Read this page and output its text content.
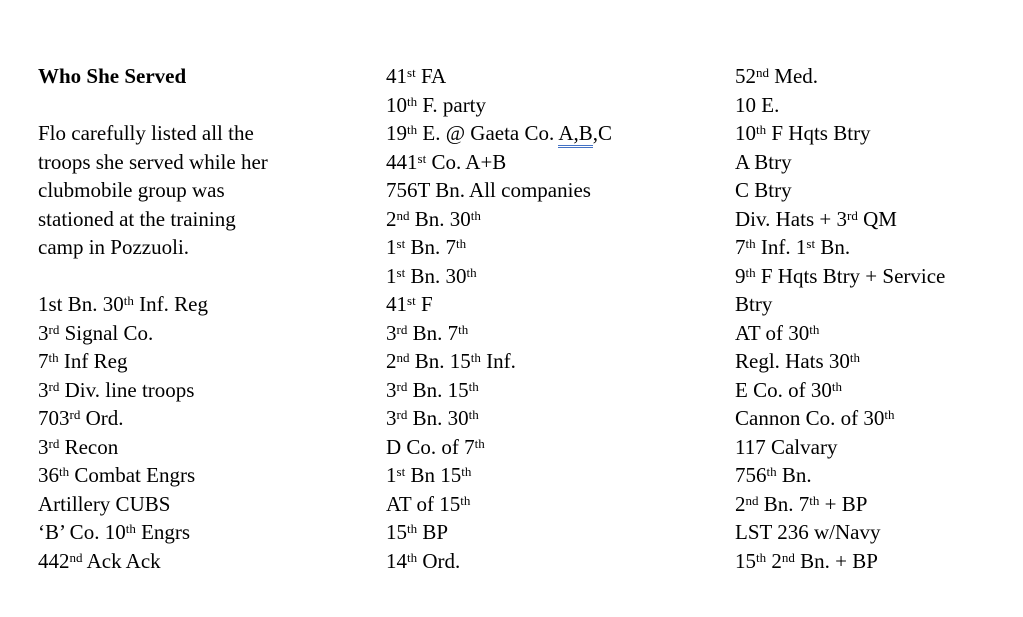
Who She Served
Flo carefully listed all the
troops she served while her
clubmobile group was
stationed at the training
camp in Pozzuoli.
1st Bn. 30th Inf. Reg
3rd Signal Co.
7th Inf Reg
3rd Div. line troops
703rd Ord.
3rd Recon
36th Combat Engrs
Artillery CUBS
‘B’ Co. 10th Engrs
442nd Ack Ack
41st FA
10th F. party
19th E. @ Gaeta Co. A,B,C
441st Co. A+B
756T Bn. All companies
2nd Bn. 30th
1st Bn. 7th
1st Bn. 30th
41st F
3rd Bn. 7th
2nd Bn. 15th Inf.
3rd Bn. 15th
3rd Bn. 30th
D Co. of 7th
1st Bn 15th
AT of 15th
15th BP
14th Ord.
52nd Med.
10 E.
10th F Hqts Btry
A Btry
C Btry
Div. Hats + 3rd QM
7th Inf. 1st Bn.
9th F Hqts Btry + Service
Btry
AT of 30th
Regl. Hats 30th
E Co. of 30th
Cannon Co. of 30th
117 Calvary
756th Bn.
2nd Bn. 7th + BP
LST 236 w/Navy
15th 2nd Bn. + BP
